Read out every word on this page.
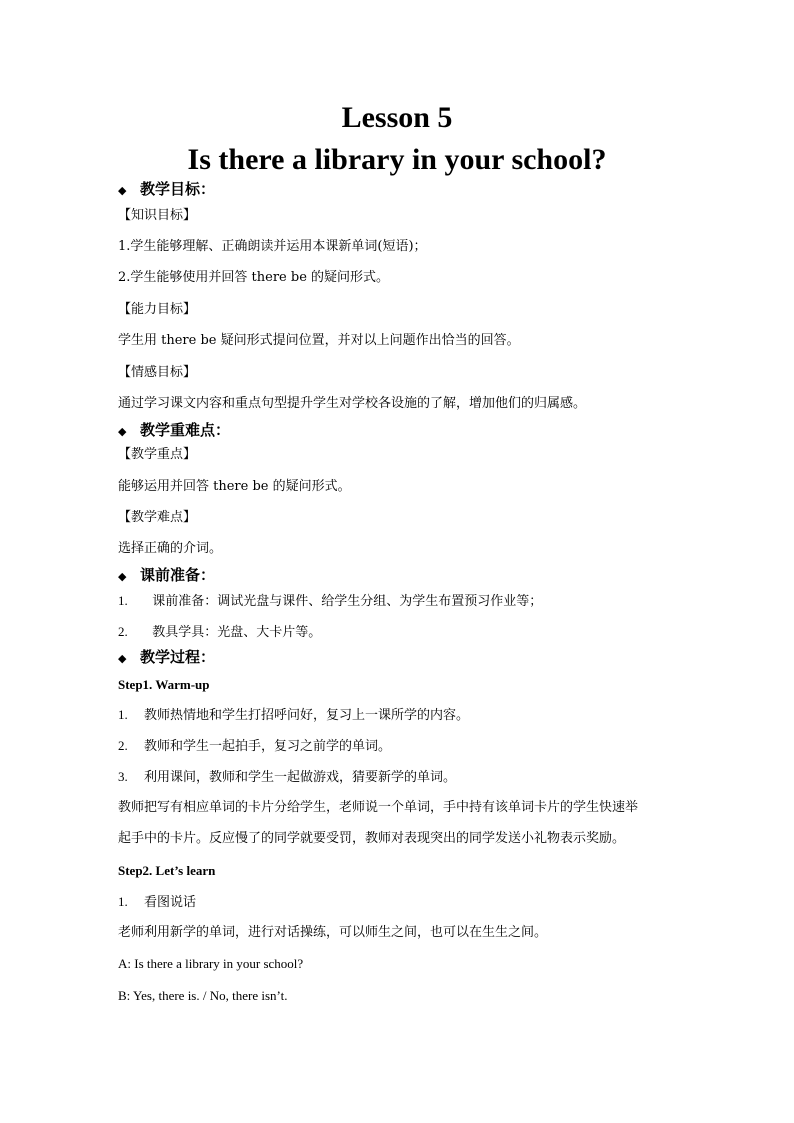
Lesson 5
Is there a library in your school?
◆ 教学目标：
【知识目标】
1.学生能够理解、正确朗读并运用本课新单词(短语)；
2.学生能够使用并回答 there be 的疑问形式。
【能力目标】
学生用 there be 疑问形式提问位置，并对以上问题作出恰当的回答。
【情感目标】
通过学习课文内容和重点句型提升学生对学校各设施的了解，增加他们的归属感。
◆ 教学重难点：
【教学重点】
能够运用并回答 there be 的疑问形式。
【教学难点】
选择正确的介词。
◆ 课前准备：
1. 课前准备：调试光盘与课件、给学生分组、为学生布置预习作业等；
2. 教具学具：光盘、大卡片等。
◆ 教学过程：
Step1. Warm-up
1. 教师热情地和学生打招呼问好，复习上一课所学的内容。
2. 教师和学生一起拍手，复习之前学的单词。
3. 利用课间，教师和学生一起做游戏，猜要新学的单词。
教师把写有相应单词的卡片分给学生，老师说一个单词，手中持有该单词卡片的学生快速举
起手中的卡片。反应慢了的同学就要受罚，教师对表现突出的同学发送小礼物表示奖励。
Step2. Let’s learn
1. 看图说话
老师利用新学的单词，进行对话操练，可以师生之间，也可以在生生之间。
A: Is there a library in your school?
B: Yes, there is. / No, there isn’t.
